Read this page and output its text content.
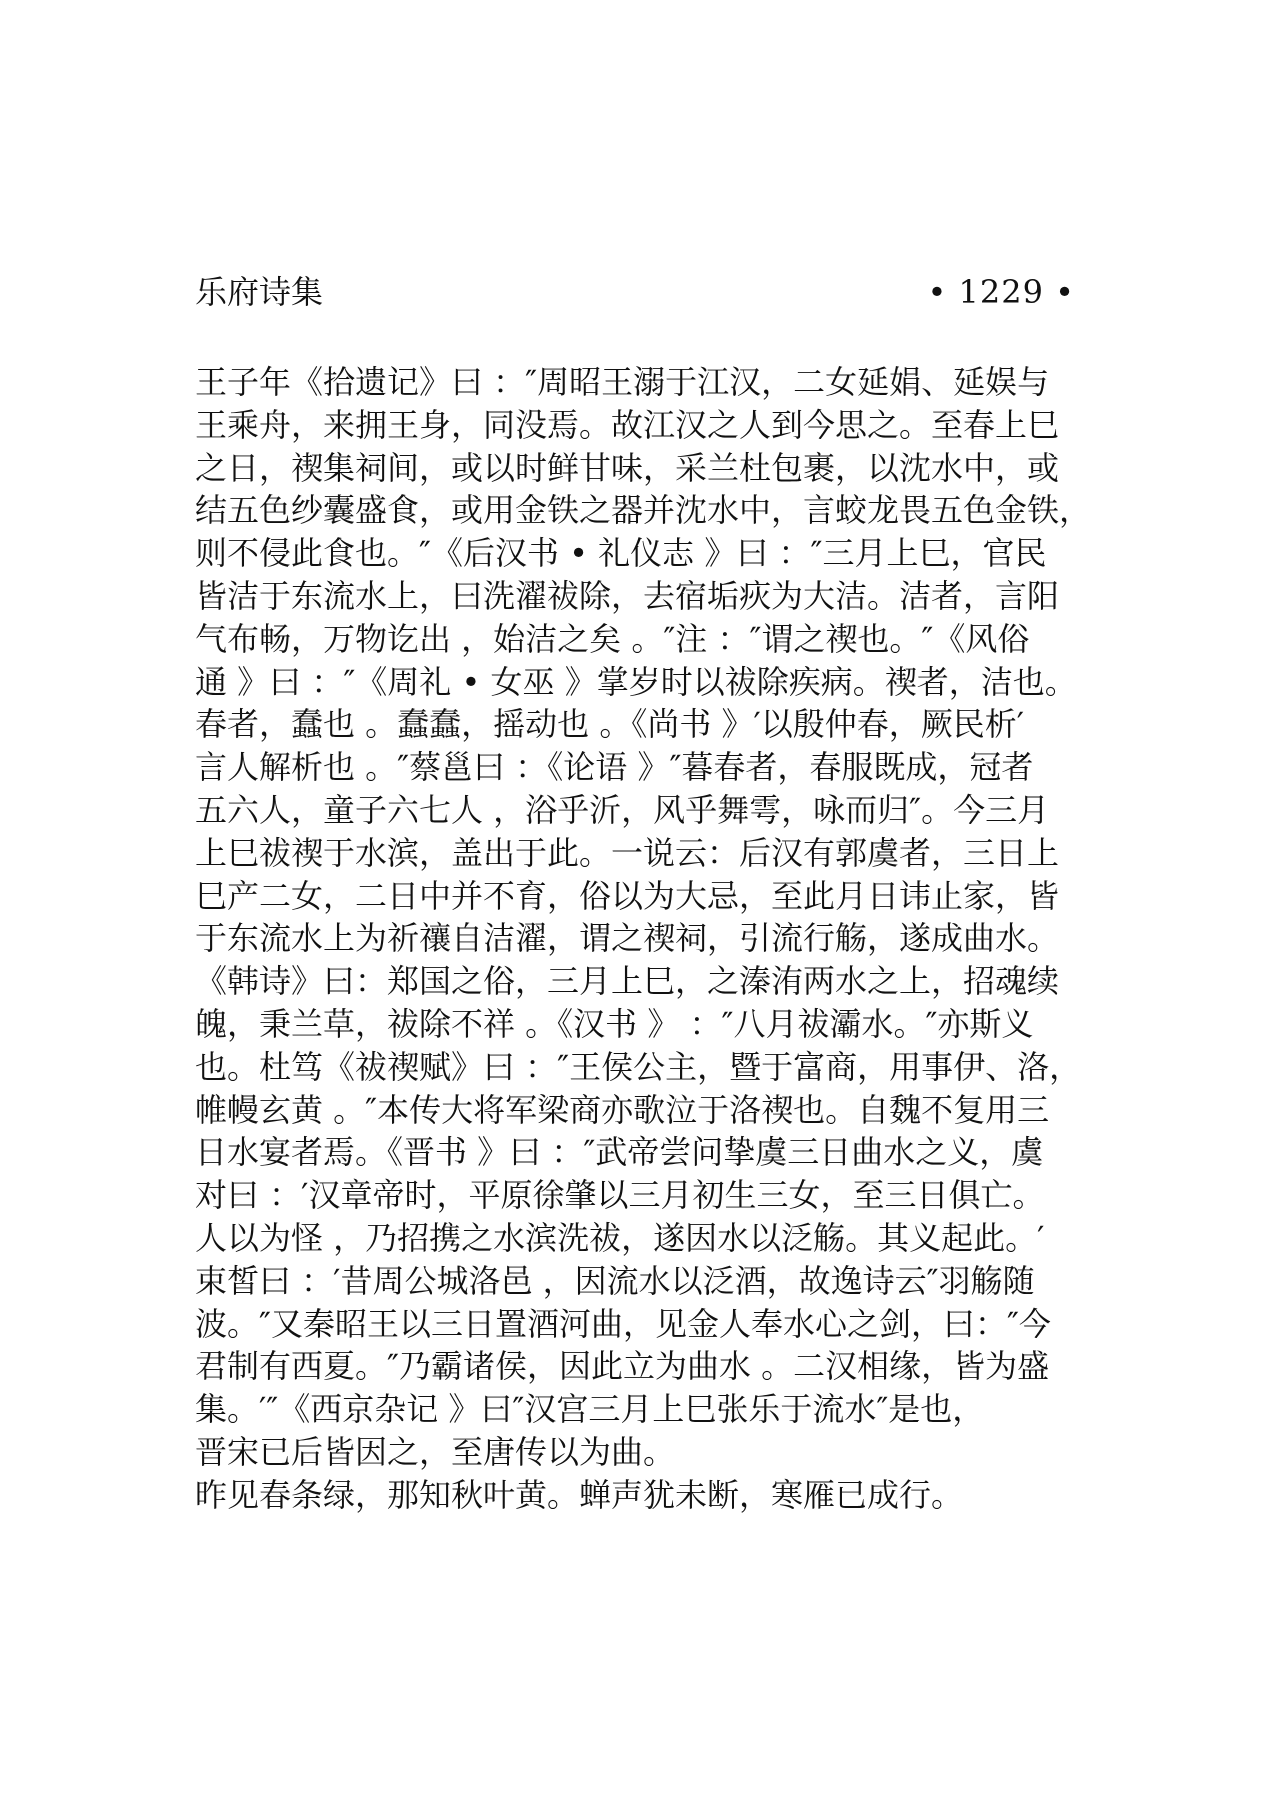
乐府诗集	• 1229 •
王子年《拾遗记》曰 ：″周昭王溺于江汉，二女延娟、延娱与
王乘舟，来拥王身，同没焉。故江汉之人到今思之。至春上巳
之日，禊集祠间，或以时鲜甘味，采兰杜包裹，以沈水中，或
结五色纱囊盛食，或用金铁之器并沈水中，言蛟龙畏五色金铁，
则不侵此食也。″《后汉书 • 礼仪志 》曰 ：″三月上巳，官民
皆洁于东流水上，曰洗濯祓除，去宿垢疢为大洁。洁者，言阳
气布畅，万物讫出 ，始洁之矣 。″注 ：″谓之禊也。″《风俗
通 》曰 ：″《周礼 • 女巫 》掌岁时以祓除疾病。禊者，洁也。
春者，蠢也 。蠢蠢，摇动也 。《尚书 》′以殷仲春，厥民析′
言人解析也 。″蔡邕曰 ：《论语 》″暮春者，春服既成，冠者
五六人，童子六七人 ，浴乎沂，风乎舞雩，咏而归″。今三月
上巳祓禊于水滨，盖出于此。一说云：后汉有郭虞者，三日上
巳产二女，二日中并不育，俗以为大忌，至此月日讳止家，皆
于东流水上为祈禳自洁濯，谓之禊祠，引流行觞，遂成曲水。
《韩诗》曰：郑国之俗，三月上巳，之溱洧两水之上，招魂续
魄，秉兰草，祓除不祥 。《汉书 》 ：″八月祓灞水。″亦斯义
也。杜笃《祓禊赋》曰 ：″王侯公主，暨于富商，用事伊、洛，
帷幔玄黄 。″本传大将军梁商亦歌泣于洛禊也。自魏不复用三
日水宴者焉。《晋书 》曰 ：″武帝尝问挚虞三日曲水之义，虞
对曰 ：′汉章帝时，平原徐肇以三月初生三女，至三日俱亡。
人以为怪 ，乃招携之水滨洗祓，遂因水以泛觞。其义起此。′
束皙曰 ：′昔周公城洛邑 ，因流水以泛酒，故逸诗云″羽觞随
波。″又秦昭王以三日置酒河曲，见金人奉水心之剑，曰：″今
君制有西夏。″乃霸诸侯，因此立为曲水 。二汉相缘，皆为盛
集。′″《西京杂记 》曰″汉宫三月上巳张乐于流水″是也，
晋宋已后皆因之，至唐传以为曲。
昨见春条绿，那知秋叶黄。蝉声犹未断，寒雁已成行。
